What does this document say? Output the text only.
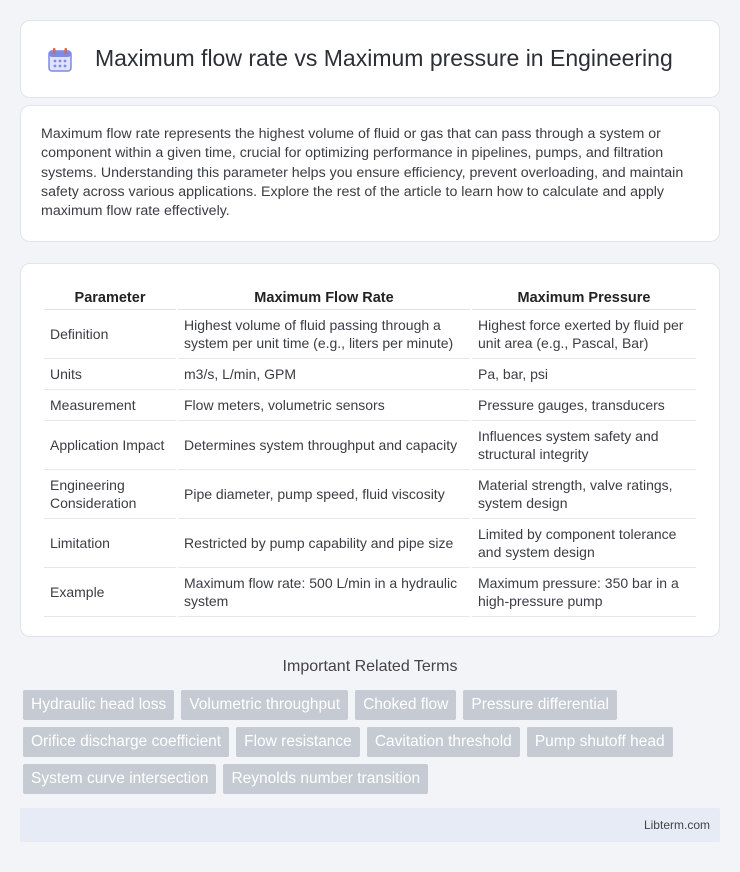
Maximum flow rate vs Maximum pressure in Engineering

Maximum flow rate represents the highest volume of fluid or gas that can pass through a system or component within a given time, crucial for optimizing performance in pipelines, pumps, and filtration systems. Understanding this parameter helps you ensure efficiency, prevent overloading, and maintain safety across various applications. Explore the rest of the article to learn how to calculate and apply maximum flow rate effectively.

Parameter	Maximum Flow Rate	Maximum Pressure
Definition	Highest volume of fluid passing through a system per unit time (e.g., liters per minute)	Highest force exerted by fluid per unit area (e.g., Pascal, Bar)
Units	m3/s, L/min, GPM	Pa, bar, psi
Measurement	Flow meters, volumetric sensors	Pressure gauges, transducers
Application Impact	Determines system throughput and capacity	Influences system safety and structural integrity
Engineering Consideration	Pipe diameter, pump speed, fluid viscosity	Material strength, valve ratings, system design
Limitation	Restricted by pump capability and pipe size	Limited by component tolerance and system design
Example	Maximum flow rate: 500 L/min in a hydraulic system	Maximum pressure: 350 bar in a high-pressure pump
Important Related Terms
Hydraulic head loss	Volumetric throughput	Choked flow	Pressure differential
Orifice discharge coefficient	Flow resistance	Cavitation threshold	Pump shutoff head
System curve intersection	Reynolds number transition
Libterm.com
